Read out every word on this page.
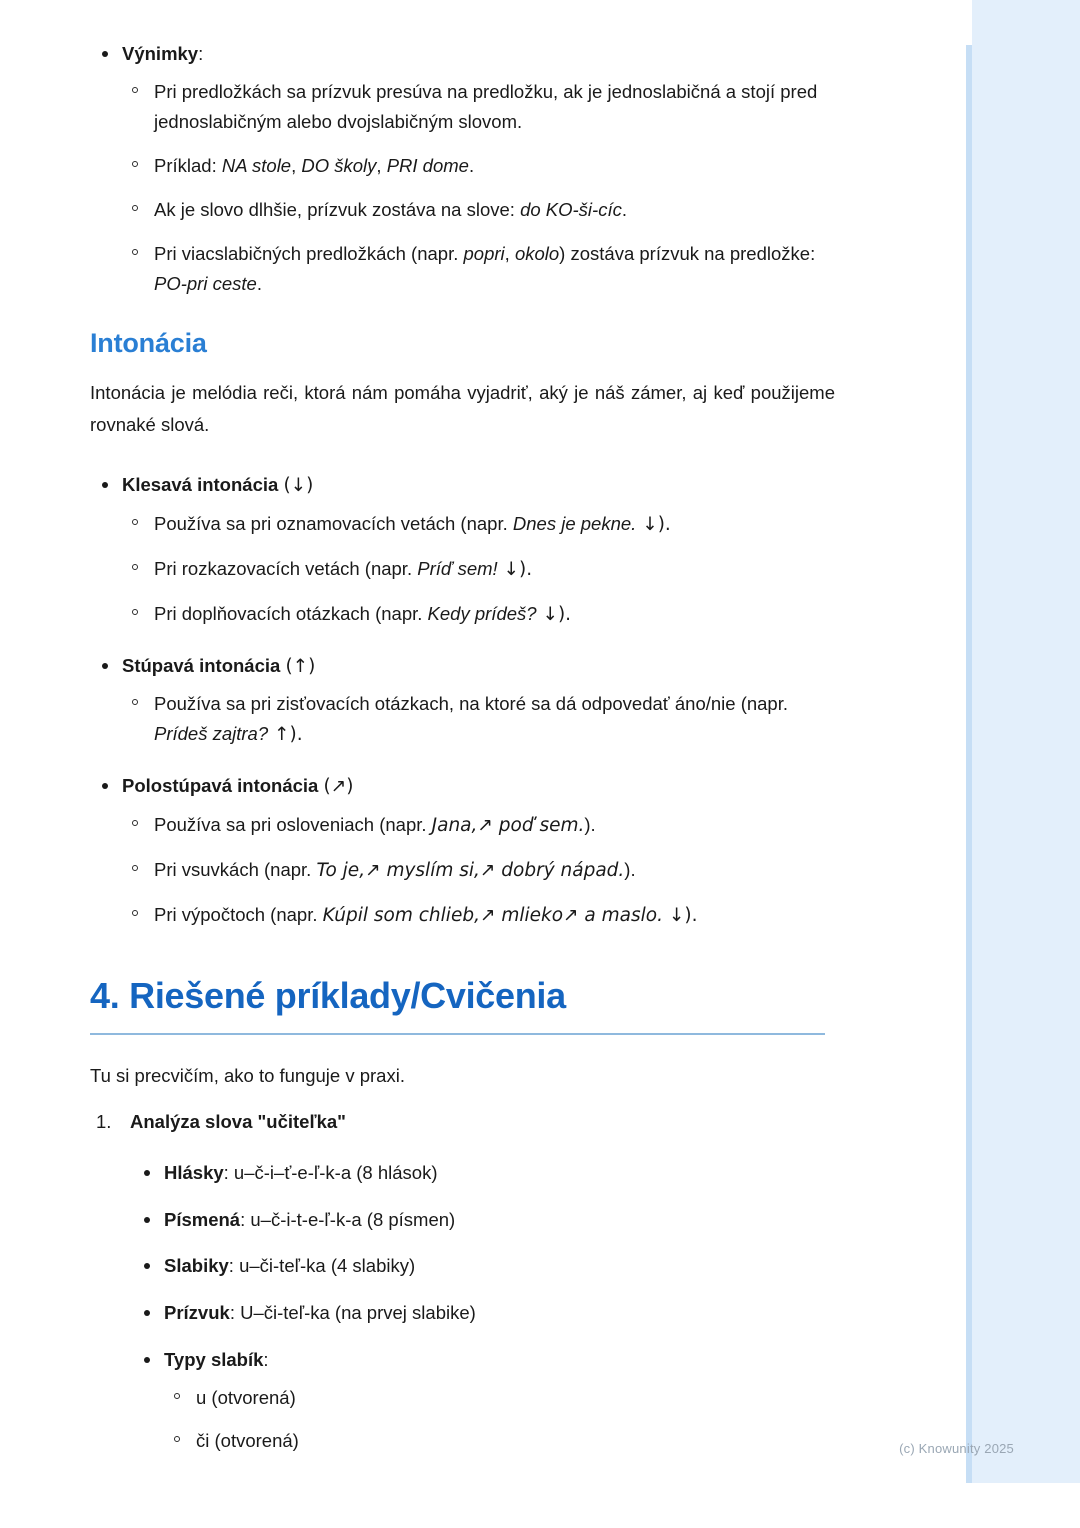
Výnimky:
Pri predložkách sa prízvuk presúva na predložku, ak je jednoslabičná a stojí pred jednoslabičným alebo dvojslabičným slovom.
Príklad: NA stole, DO školy, PRI dome.
Ak je slovo dlhšie, prízvuk zostáva na slove: do KO-ši-cíc.
Pri viacslabičných predložkách (napr. popri, okolo) zostáva prízvuk na predložke: PO-pri ceste.
Intonácia

Intonácia je melódia reči, ktorá nám pomáha vyjadriť, aký je náš zámer, aj keď použijeme rovnaké slová.

Klesavá intonácia (↓)
Používa sa pri oznamovacích vetách (napr. Dnes je pekne. ↓).
Pri rozkazovacích vetách (napr. Príď sem! ↓).
Pri doplňovacích otázkach (napr. Kedy prídeš? ↓).
Stúpavá intonácia (↑)
Používa sa pri zisťovacích otázkach, na ktoré sa dá odpovedať áno/nie (napr. Prídeš zajtra? ↑).
Polostúpavá intonácia (↗)
Používa sa pri osloveniach (napr. Jana,↗ poď sem.).
Pri vsuvkách (napr. To je,↗ myslím si,↗ dobrý nápad.).
Pri výpočtoch (napr. Kúpil som chlieb,↗ mlieko↗ a maslo. ↓).
4. Riešené príklady/Cvičenia

Tu si precvičím, ako to funguje v praxi.

Analýza slova "učiteľka"
Hlásky: u–č-i–ť-e-ľ-k-a (8 hlások)
Písmená: u–č-i-t-e-ľ-k-a (8 písmen)
Slabiky: u–či-teľ-ka (4 slabiky)
Prízvuk: U–či-teľ-ka (na prvej slabike)
Typy slabík:
u (otvorená)
či (otvorená)	(c) Knowunity 2025
